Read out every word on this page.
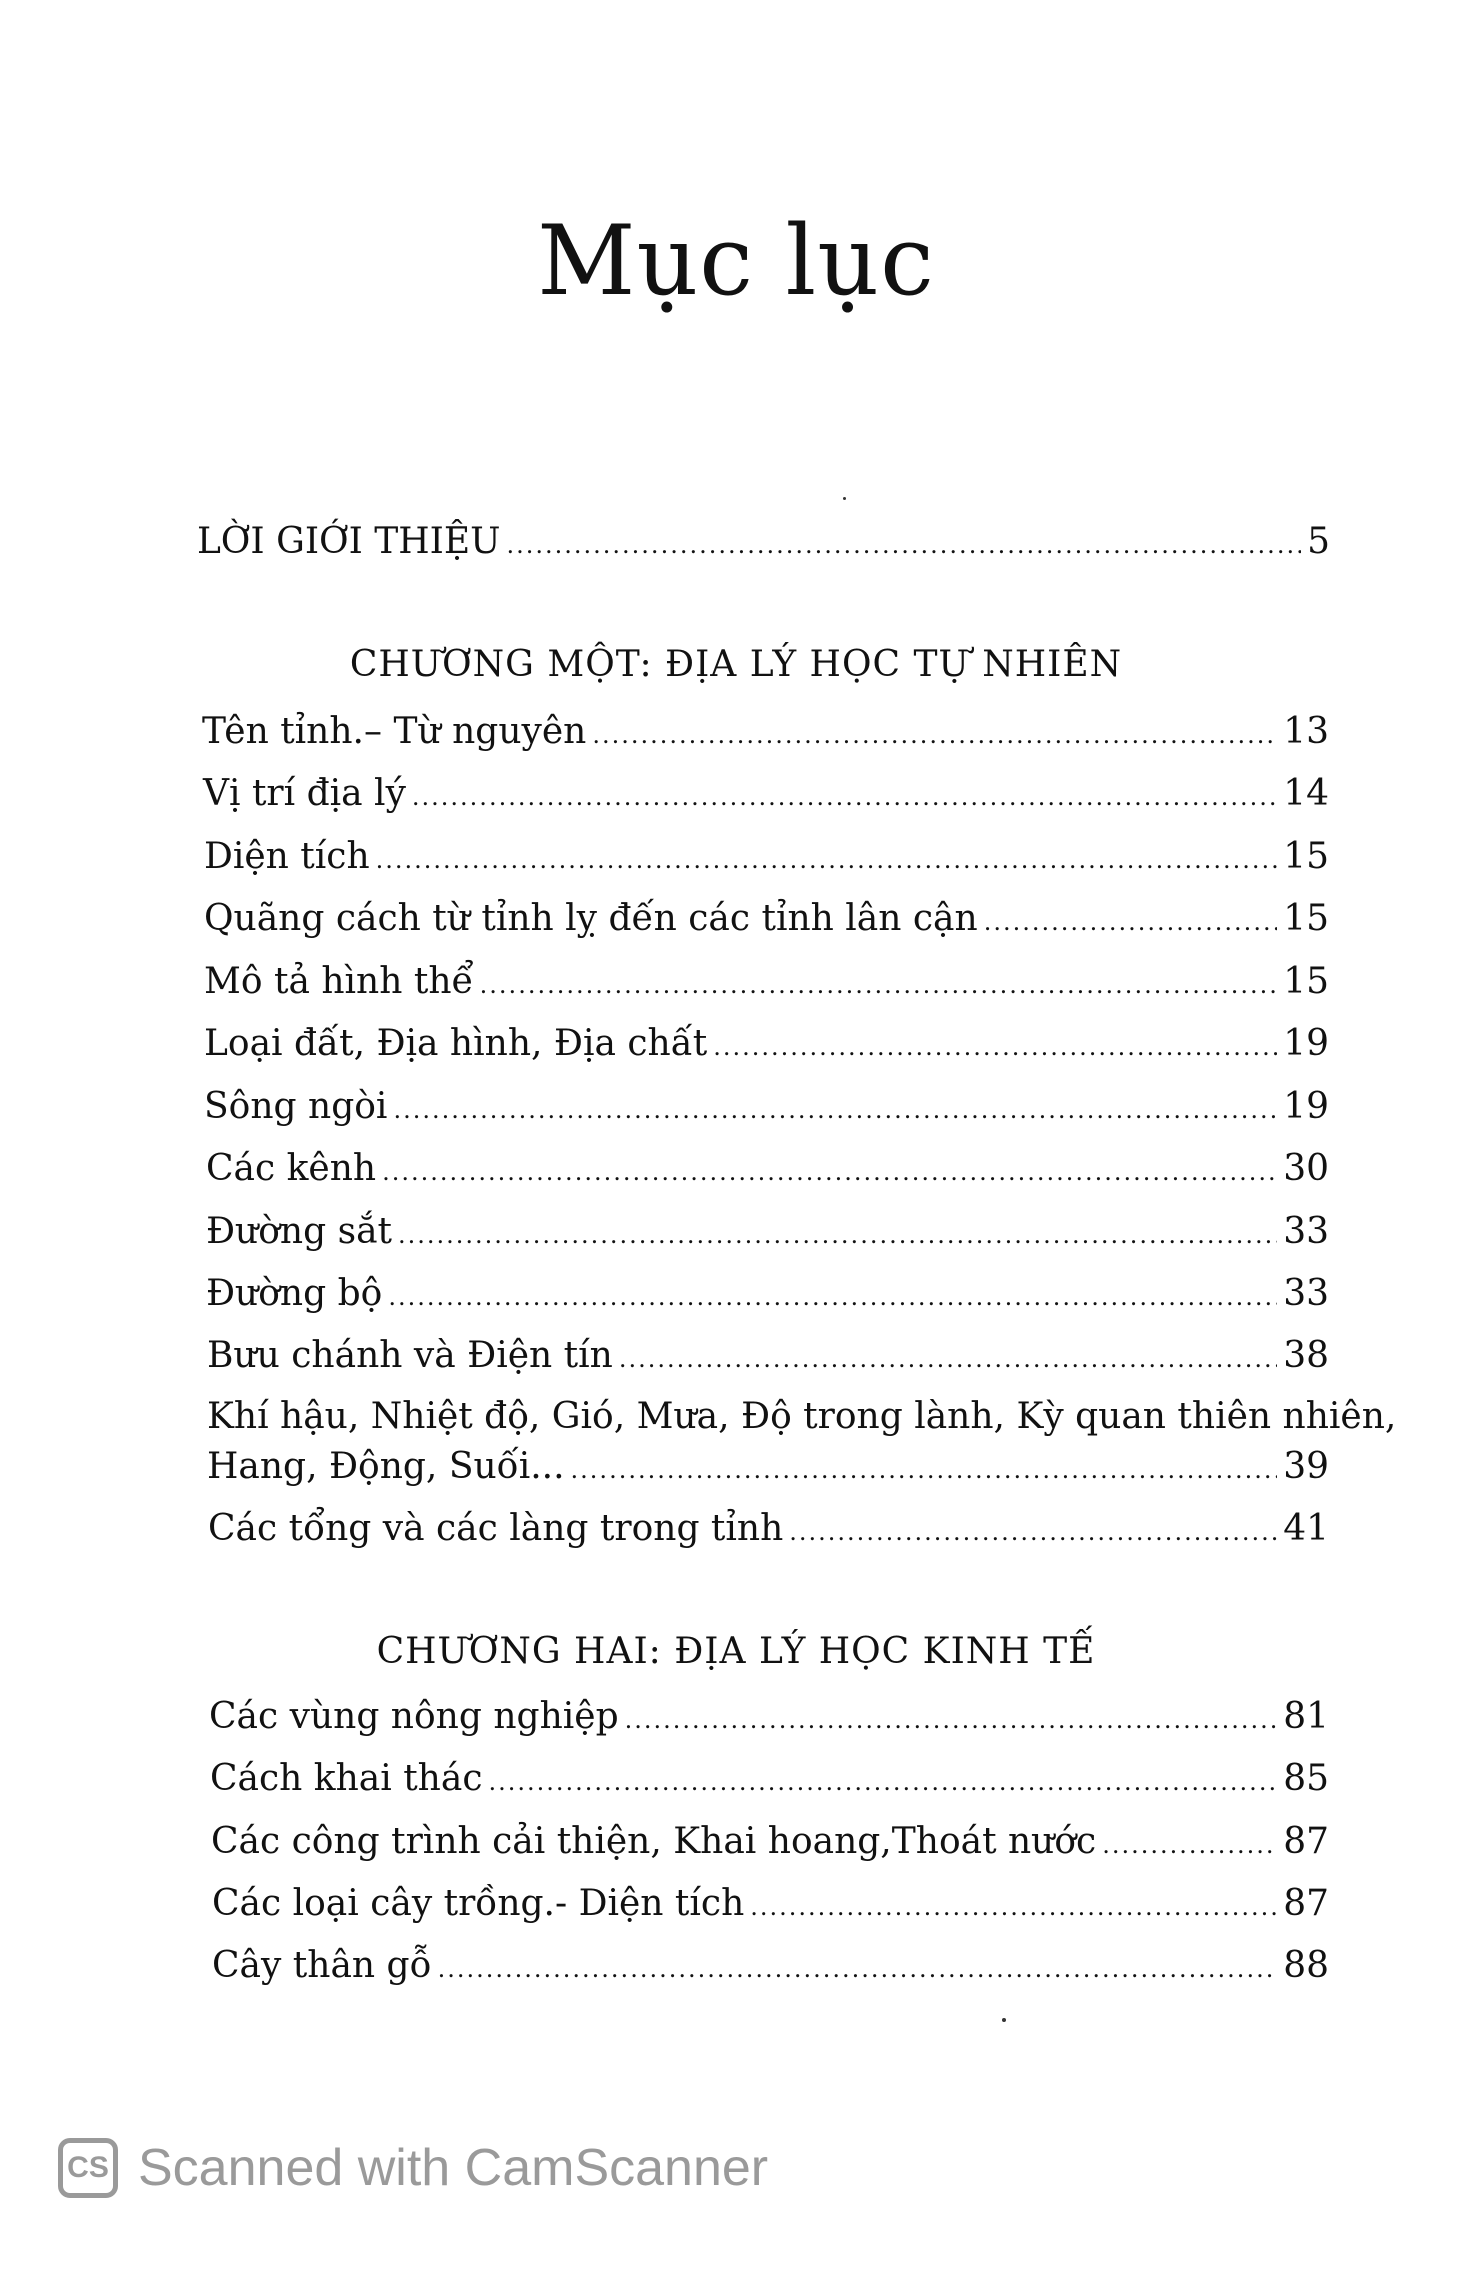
Mục lục
LỜI GIỚI THIỆU .....	5
CHƯƠNG MỘT: ĐỊA LÝ HỌC TỰ NHIÊN
Tên tỉnh.– Từ nguyên .....	13
Vị trí địa lý .....	14
Diện tích .....	15
Quãng cách từ tỉnh lỵ đến các tỉnh lân cận .....	15
Mô tả hình thể .....	15
Loại đất, Địa hình, Địa chất .....	19
Sông ngòi .....	19
Các kênh .....	30
Đường sắt .....	33
Đường bộ .....	33
Bưu chánh và Điện tín .....	38
Khí hậu, Nhiệt độ, Gió, Mưa, Độ trong lành, Kỳ quan thiên nhiên,
Hang, Động, Suối... .....	39
Các tổng và các làng trong tỉnh .....	41
CHƯƠNG HAI: ĐỊA LÝ HỌC KINH TẾ
Các vùng nông nghiệp .....	81
Cách khai thác .....	85
Các công trình cải thiện, Khai hoang,Thoát nước .....	87
Các loại cây trồng.- Diện tích .....	87
Cây thân gỗ .....	88
CS Scanned with CamScanner
